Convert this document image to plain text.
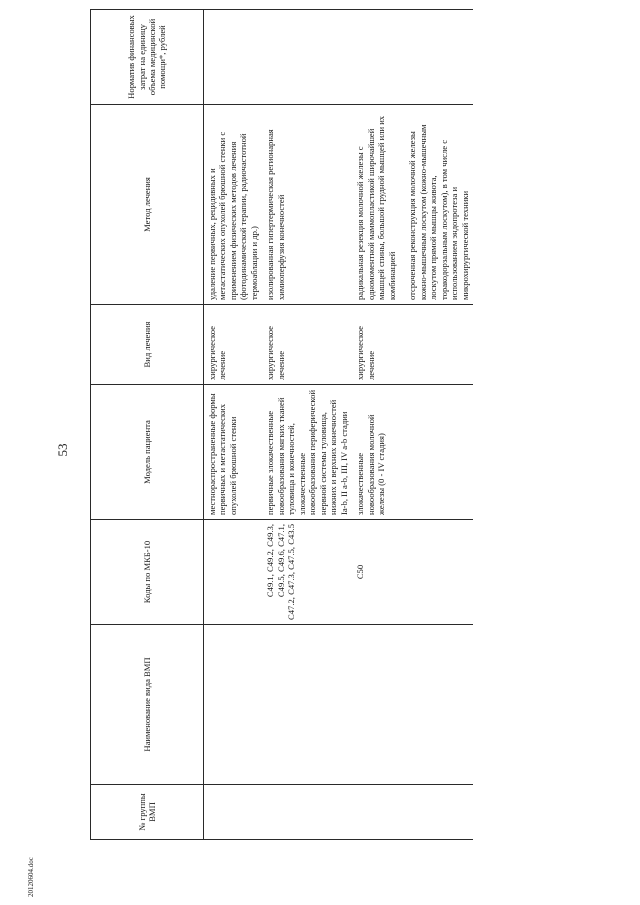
53
20120604.doc
№ группы ВМП	Наименование вида ВМП	Коды по МКБ-10	Модель пациента	Вид лечения	Метод лечения	Норматив финансовых затрат на единицу объема медицинской помощи*, рублей
			местнораспространенные формы первичных и метастатических опухолей брюшной стенки	хирургическое лечение	удаление первичных, рецидивных и метастатических опухолей брюшной стенки с применением физических методов лечения (фотодинамической терапии, радиочастотной термоаблации и др.)	

		C49.1, C49.2, C49.3, C49.5, C49.6, C47.1, C47.2, C47.3, C47.5, C43.5	первичные злокачественные новообразования мягких тканей туловища и конечностей, злокачественные новообразования периферической нервной системы туловища, нижних и верхних конечностей Ia-b, II a-b, III, IV a-b стадии	хирургическое лечение	изолированная гипертермическая регионарная химиоперфузия конечностей	

		C50	злокачественные новообразования молочной железы (0 - IV стадия)	хирургическое лечение	радикальная резекция молочной железы с одномоментной маммопластикой широчайшей мышцей спины, большой грудной мышцей или их комбинацией отсроченная реконструкция молочной железы кожно-мышечным лоскутом (кожно-мышечным лоскутом прямой мышцы живота, торакодорзальным лоскутом), в том числе с использованием эндопротеза и микрохирургической техники	
